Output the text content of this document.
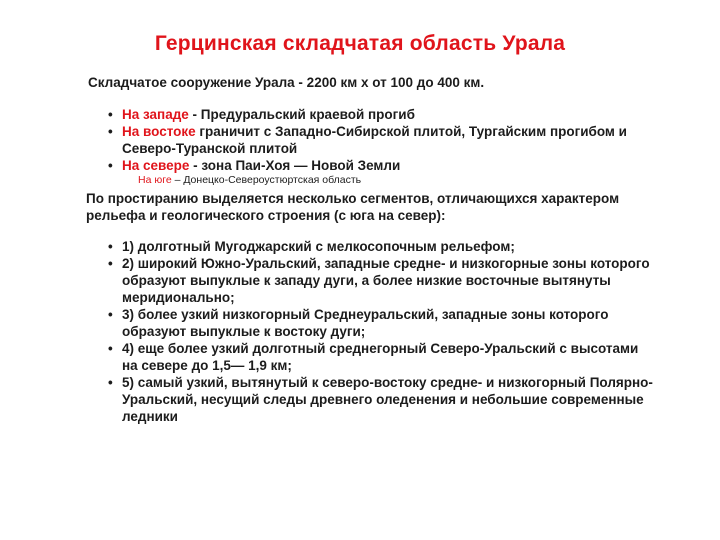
Герцинская складчатая область Урала
Складчатое сооружение Урала - 2200 км х от 100 до 400 км.
• На западе - Предуральский краевой прогиб
• На востоке граничит с Западно-Сибирской плитой, Тургайским прогибом и Северо-Туранской плитой
• На севере - зона Паи-Хоя — Новой Земли
На юге – Донецко-Североустюртская область
По простиранию выделяется несколько сегментов, отличающихся характером рельефа и геологического строения (с юга на север):
• 1) долготный Мугоджарский с мелкосопочным рельефом;
• 2) широкий Южно-Уральский, западные средне- и низкогорные зоны которого образуют выпуклые к западу дуги, а более низкие восточные вытянуты меридионально;
• 3) более узкий низкогорный Среднеуральский, западные зоны которого образуют выпуклые к востоку дуги;
• 4) еще более узкий долготный среднегорный Северо-Уральский с высотами на севере до 1,5— 1,9 км;
• 5) самый узкий, вытянутый к северо-востоку средне- и низкогорный Полярно-Уральский, несущий следы древнего оледенения и небольшие современные ледники
